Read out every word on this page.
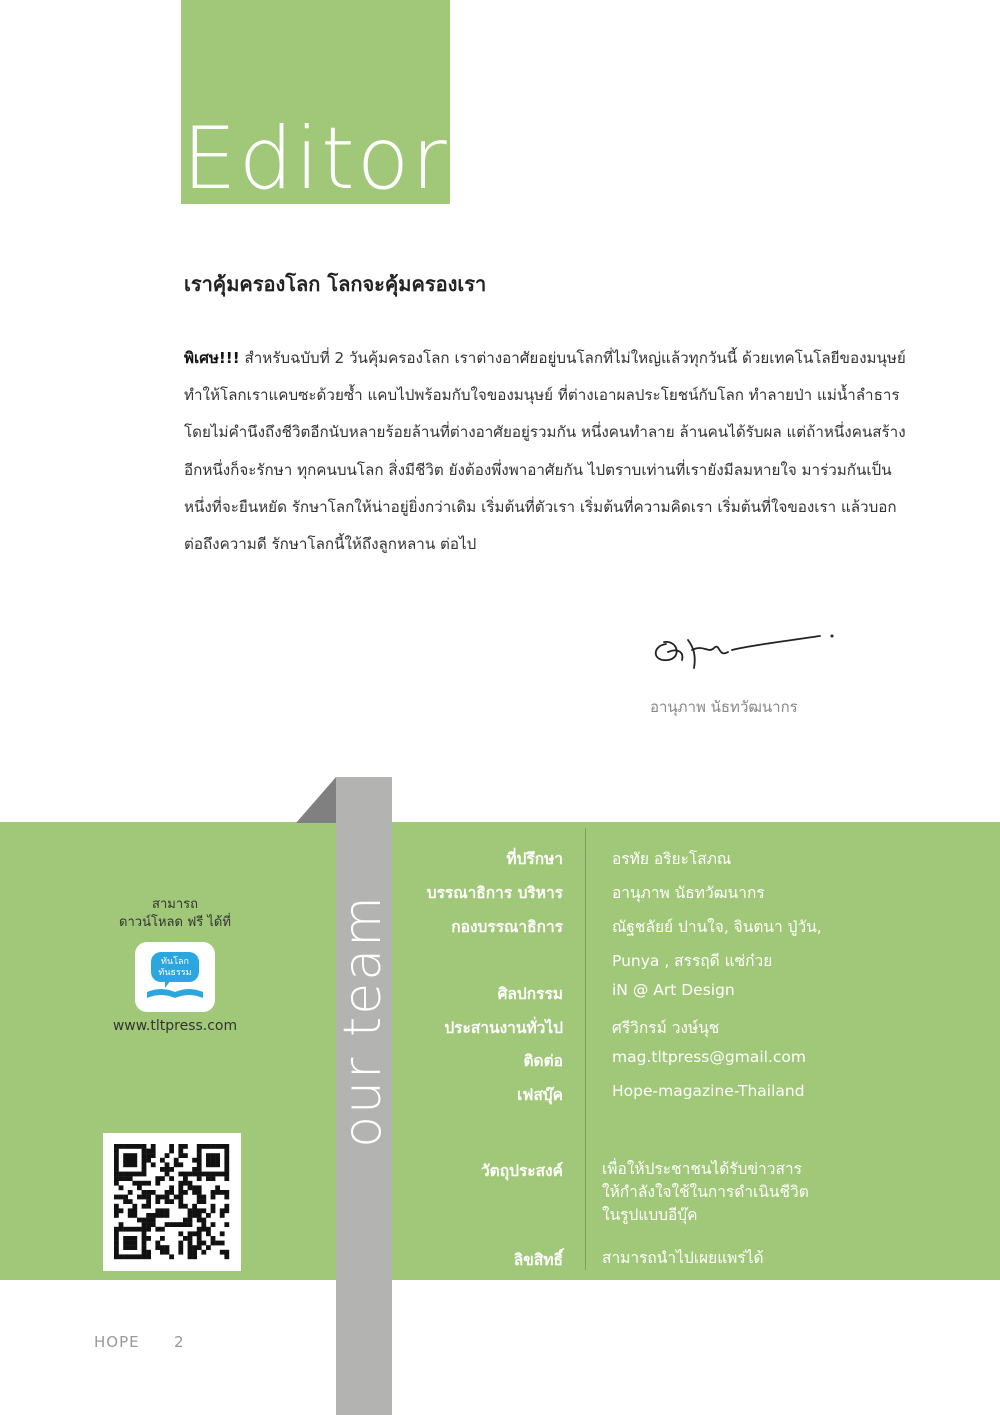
Editor
เราคุ้มครองโลก โลกจะคุ้มครองเรา

พิเศษ!!! สำหรับฉบับที่ 2 วันคุ้มครองโลก เราต่างอาศัยอยู่บนโลกที่ไม่ใหญ่แล้วทุกวันนี้ ด้วยเทคโนโลยีของมนุษย์
ทำให้โลกเราแคบซะด้วยซ้ำ แคบไปพร้อมกับใจของมนุษย์ ที่ต่างเอาผลประโยชน์กับโลก ทำลายป่า แม่น้ำลำธาร
โดยไม่คำนึงถึงชีวิตอีกนับหลายร้อยล้านที่ต่างอาศัยอยู่รวมกัน หนึ่งคนทำลาย ล้านคนได้รับผล แต่ถ้าหนึ่งคนสร้าง
อีกหนึ่งก็จะรักษา ทุกคนบนโลก สิ่งมีชีวิต ยังต้องพึ่งพาอาศัยกัน ไปตราบเท่านที่เรายังมีลมหายใจ มาร่วมกันเป็น
หนึ่งที่จะยืนหยัด รักษาโลกให้น่าอยู่ยิ่งกว่าเดิม เริ่มต้นที่ตัวเรา เริ่มต้นที่ความคิดเรา เริ่มต้นที่ใจของเรา แล้วบอก
ต่อถึงความดี รักษาโลกนี้ให้ถึงลูกหลาน ต่อไป

อานุภาพ นัธทวัฒนากร
our team
สามารถ
ดาวน์โหลด ฟรี ได้ที่
ทันโลก
ทันธรรม
www.tltpress.com
ที่ปรึกษา	อรทัย อริยะโสภณ
บรรณาธิการ บริหาร	อานุภาพ นัธทวัฒนากร
กองบรรณาธิการ	ณัฐชลัยย์ ปานใจ, จินตนา ปู่วัน,
Punya , สรรฤดี แซ่ก๋วย
ศิลปกรรม	iN @ Art Design
ประสานงานทั่วไป	ศรีวิกรม์ วงษ์นุช
ติดต่อ	mag.tltpress@gmail.com
เฟสบุ๊ค	Hope-magazine-Thailand
วัตถุประสงค์	เพื่อให้ประชาชนได้รับข่าวสาร
ให้กำลังใจใช้ในการดำเนินชีวิต
ในรูปแบบอีบุ๊ค
ลิขสิทธิ์	สามารถนำไปเผยแพร่ได้
HOPE 2
